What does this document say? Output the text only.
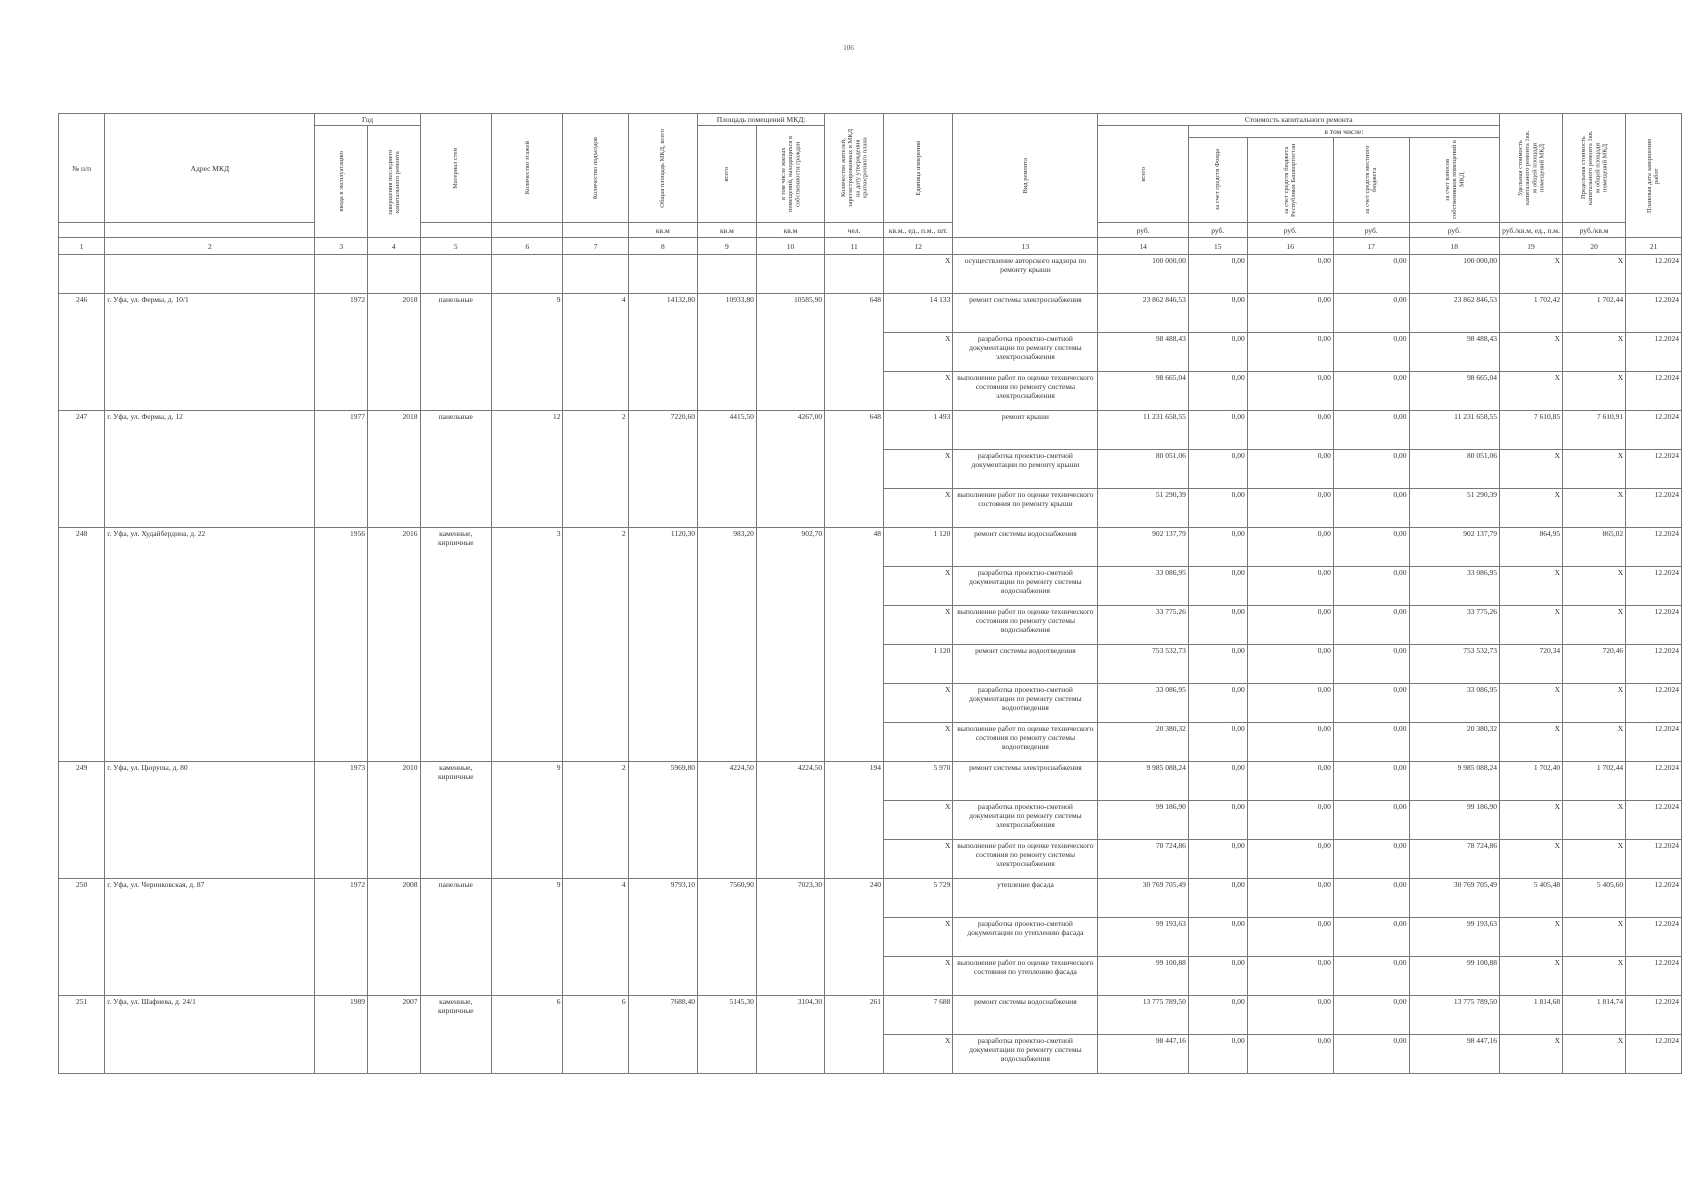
106
№ п/п	Адрес МКД	Год		Материал стен	Количество этажей	Количество подъездов	Общая площадь МКД, всего	Площадь помещений МКД:		Количество жителей, зарегистрированных в МКД на дату утверждения краткосрочного плана	Единица измерения	Вид ремонта	Стоимость капитального ремонта					Удельная стоимость капитального ремонта 1кв. м общей площади помещений МКД	Предельная стоимость капитального ремонта 1кв. м общей площади помещений МКД	Плановая дата завершения работ

		ввода в эксплуатацию	завершения последнего капитального ремонта					всего	в том числе жилых помещений, находящихся в собственности граждан				всего	в том числе:						

														за счет средств Фонда	за счет средств бюджета Республики Башкортостан	за счет средств местного бюджета	за счет взносов собственников помещений в МКД			

							кв.м	кв.м	кв.м	чел.	кв.м., ед., п.м., шт.		руб.	руб.	руб.	руб.	руб.	руб./кв.м, ед., п.м.	руб./кв.м	
1	2	3	4	5	6	7	8	9	10	11	12	13	14	15	16	17	18	19	20	21
											X	осуществление авторского надзора по ремонту крыши	100 000,00	0,00	0,00	0,00	100 000,00	X	X	12.2024
246	г. Уфа, ул. Фермы, д. 10/1	1972	2018	панельные	9	4	14132,80	10933,80	10585,90	648	14 133	ремонт системы электроснабжения	23 862 846,53	0,00	0,00	0,00	23 862 846,53	1 702,42	1 702,44	12.2024
											X	разработка проектно-сметной документации по ремонту системы электроснабжения	98 488,43	0,00	0,00	0,00	98 488,43	X	X	12.2024
											X	выполнение работ по оценке технического состояния по ремонту системы электроснабжения	98 665,04	0,00	0,00	0,00	98 665,04	X	X	12.2024
247	г. Уфа, ул. Фермы, д. 12	1977	2018	панельные	12	2	7220,60	4415,50	4267,00	648	1 493	ремонт крыши	11 231 658,55	0,00	0,00	0,00	11 231 658,55	7 610,85	7 610,91	12.2024
											X	разработка проектно-сметной документации по ремонту крыши	80 051,06	0,00	0,00	0,00	80 051,06	X	X	12.2024
											X	выполнение работ по оценке технического состояния по ремонту крыши	51 290,39	0,00	0,00	0,00	51 290,39	X	X	12.2024
248	г. Уфа, ул. Худайбердина, д. 22	1956	2016	каменные, кирпичные	3	2	1120,30	983,20	902,70	48	1 120	ремонт системы водоснабжения	902 137,79	0,00	0,00	0,00	902 137,79	864,95	865,02	12.2024
											X	разработка проектно-сметной документации по ремонту системы водоснабжения	33 086,95	0,00	0,00	0,00	33 086,95	X	X	12.2024
											X	выполнение работ по оценке технического состояния по ремонту системы водоснабжения	33 775,26	0,00	0,00	0,00	33 775,26	X	X	12.2024
											1 120	ремонт системы водоотведения	753 532,73	0,00	0,00	0,00	753 532,73	720,34	720,46	12.2024
											X	разработка проектно-сметной документации по ремонту системы водоотведения	33 086,95	0,00	0,00	0,00	33 086,95	X	X	12.2024
											X	выполнение работ по оценке технического состояния по ремонту системы водоотведения	20 380,32	0,00	0,00	0,00	20 380,32	X	X	12.2024
249	г. Уфа, ул. Цюрупы, д. 80	1973	2010	каменные, кирпичные	9	2	5969,80	4224,50	4224,50	194	5 970	ремонт системы электроснабжения	9 985 088,24	0,00	0,00	0,00	9 985 088,24	1 702,40	1 702,44	12.2024
											X	разработка проектно-сметной документации по ремонту системы электроснабжения	99 186,90	0,00	0,00	0,00	99 186,90	X	X	12.2024
											X	выполнение работ по оценке технического состояния по ремонту системы электроснабжения	78 724,86	0,00	0,00	0,00	78 724,86	X	X	12.2024
250	г. Уфа, ул. Черниковская, д. 87	1972	2008	панельные	9	4	9793,10	7560,90	7023,30	240	5 729	утепление фасада	30 769 705,49	0,00	0,00	0,00	30 769 705,49	5 405,48	5 405,60	12.2024
											X	разработка проектно-сметной документации по утеплению фасада	99 193,63	0,00	0,00	0,00	99 193,63	X	X	12.2024
											X	выполнение работ по оценке технического состояния по утеплению фасада	99 100,88	0,00	0,00	0,00	99 100,88	X	X	12.2024
251	г. Уфа, ул. Шафиева, д. 24/1	1989	2007	каменные, кирпичные	6	6	7688,40	5145,30	3104,30	261	7 688	ремонт системы водоснабжения	13 775 789,50	0,00	0,00	0,00	13 775 789,50	1 814,68	1 814,74	12.2024
											X	разработка проектно-сметной документации по ремонту системы водоснабжения	98 447,16	0,00	0,00	0,00	98 447,16	X	X	12.2024
